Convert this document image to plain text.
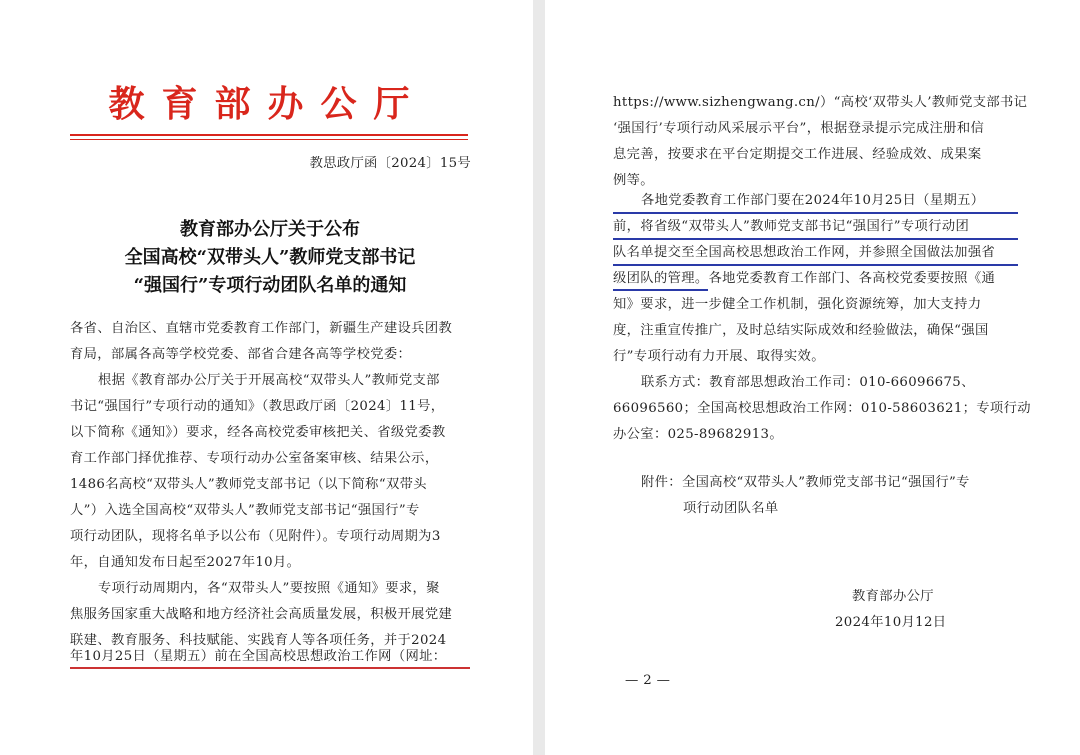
教育部办公厅
教思政厅函〔2024〕15号
教育部办公厅关于公布
全国高校“双带头人”教师党支部书记
“强国行”专项行动团队名单的通知
各省、自治区、直辖市党委教育工作部门，新疆生产建设兵团教
育局，部属各高等学校党委、部省合建各高等学校党委：
根据《教育部办公厅关于开展高校“双带头人”教师党支部
书记“强国行”专项行动的通知》（教思政厅函〔2024〕11号，
以下简称《通知》）要求，经各高校党委审核把关、省级党委教
育工作部门择优推荐、专项行动办公室备案审核、结果公示，
1486名高校“双带头人”教师党支部书记（以下简称“双带头
人”）入选全国高校“双带头人”教师党支部书记“强国行”专
项行动团队，现将名单予以公布（见附件）。专项行动周期为3
年，自通知发布日起至2027年10月。
专项行动周期内，各“双带头人”要按照《通知》要求，聚
焦服务国家重大战略和地方经济社会高质量发展，积极开展党建
联建、教育服务、科技赋能、实践育人等各项任务，并于2024
年10月25日（星期五）前在全国高校思想政治工作网（网址：
https://www.sizhengwang.cn/）“高校‘双带头人’教师党支部书记
‘强国行’专项行动风采展示平台”，根据登录提示完成注册和信
息完善，按要求在平台定期提交工作进展、经验成效、成果案
例等。
各地党委教育工作部门要在2024年10月25日（星期五）
前，将省级“双带头人”教师党支部书记“强国行”专项行动团
队名单提交至全国高校思想政治工作网，并参照全国做法加强省
级团队的管理。各地党委教育工作部门、各高校党委要按照《通
知》要求，进一步健全工作机制，强化资源统筹，加大支持力
度，注重宣传推广，及时总结实际成效和经验做法，确保“强国
行”专项行动有力开展、取得实效。
联系方式：教育部思想政治工作司：010-66096675、
66096560；全国高校思想政治工作网：010-58603621；专项行动
办公室：025-89682913。
附件：全国高校“双带头人”教师党支部书记“强国行”专
项行动团队名单
教育部办公厅
2024年10月12日
— 2 —
